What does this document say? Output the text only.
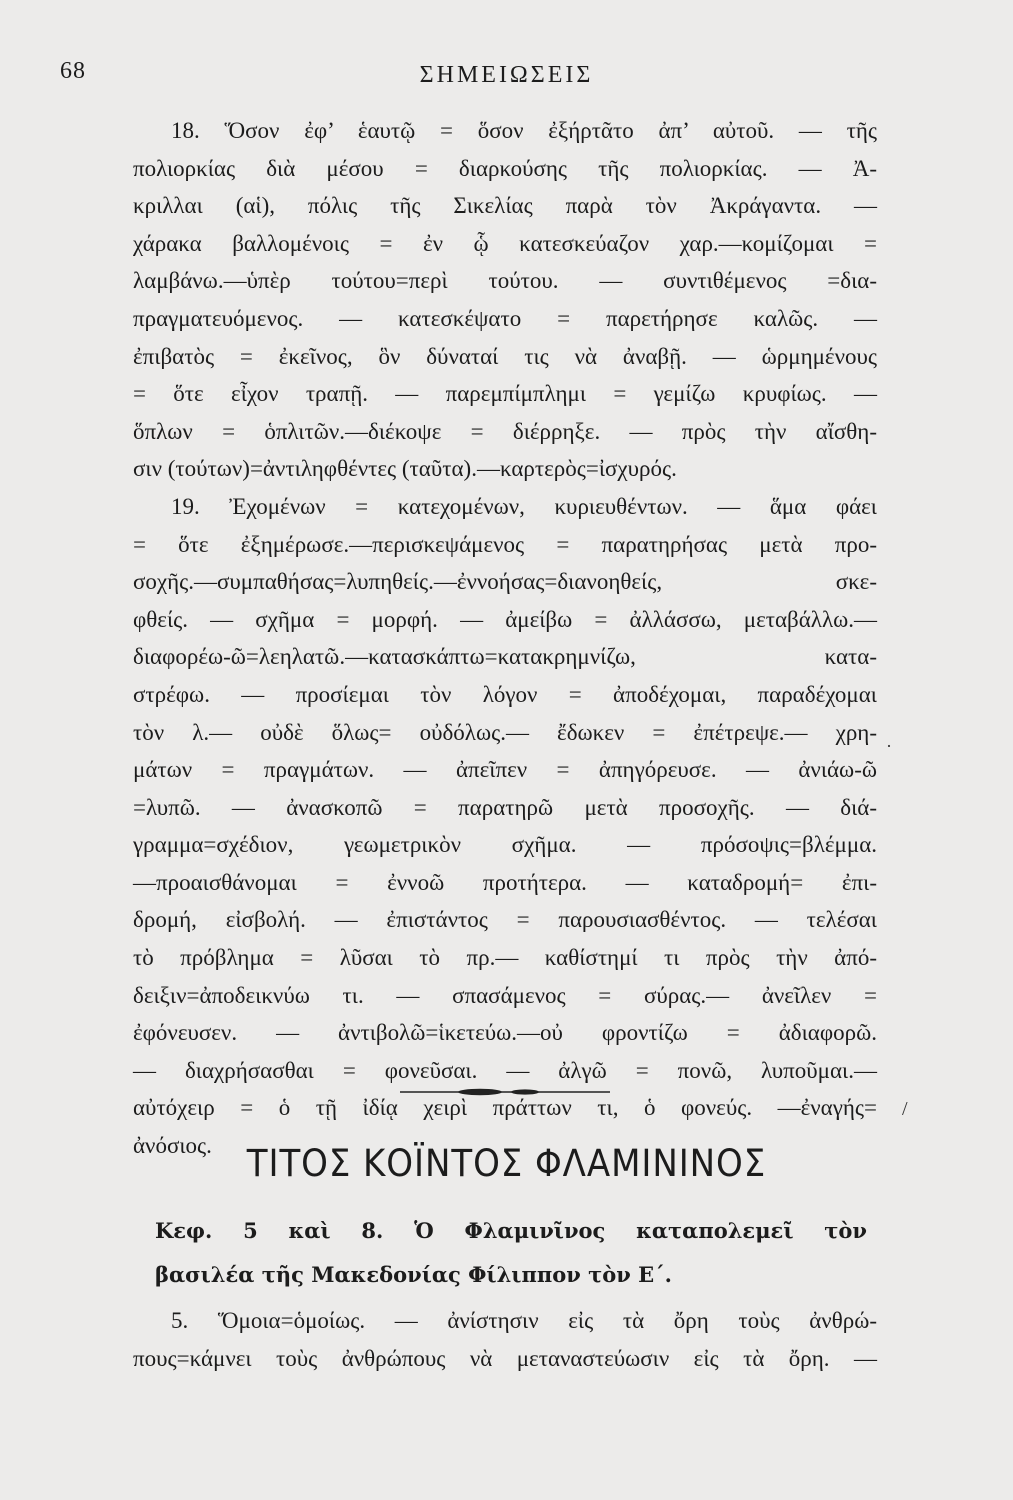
68	ΣΗΜΕΙΩΣΕΙΣ
18. Ὅσον ἐφ’ ἑαυτῷ = ὅσον ἐξήρτᾶτο ἀπ’ αὐτοῦ. — τῆς
πολιορκίας διὰ μέσου = διαρκούσης τῆς πολιορκίας. — Ἀ-
κριλλαι (αἱ), πόλις τῆς Σικελίας παρὰ τὸν Ἀκράγαντα. —
χάρακα βαλλομένοις = ἐν ᾧ κατεσκεύαζον χαρ.—κομίζομαι =
λαμβάνω.—ὑπὲρ τούτου=περὶ τούτου. — συντιθέμενος =δια-
πραγματευόμενος. — κατεσκέψατο = παρετήρησε καλῶς. —
ἐπιβατὸς = ἐκεῖνος, ὃν δύναταί τις νὰ ἀναβῇ. — ὡρμημένους
= ὅτε εἶχον τραπῇ. — παρεμπίμπλημι = γεμίζω κρυφίως. —
ὅπλων = ὁπλιτῶν.—διέκοψε = διέρρηξε. — πρὸς τὴν αἴσθη-
σιν (τούτων)=ἀντιληφθέντες (ταῦτα).—καρτερὸς=ἰσχυρός.
19. Ἐχομένων = κατεχομένων, κυριευθέντων. — ἅμα φάει
= ὅτε ἐξημέρωσε.—περισκεψάμενος = παρατηρήσας μετὰ προ-
σοχῆς.—συμπαθήσας=λυπηθείς.—ἐννοήσας=διανοηθείς, σκε-
φθείς. — σχῆμα = μορφή. — ἀμείβω = ἀλλάσσω, μεταβάλλω.—
διαφορέω-ῶ=λεηλατῶ.—κατασκάπτω=κατακρημνίζω, κατα-
στρέφω. — προσίεμαι τὸν λόγον = ἀποδέχομαι, παραδέχομαι
τὸν λ.— οὐδὲ ὅλως= οὐδόλως.— ἔδωκεν = ἐπέτρεψε.— χρη-
μάτων = πραγμάτων. — ἀπεῖπεν = ἀπηγόρευσε. — ἀνιάω-ῶ
=λυπῶ. — ἀνασκοπῶ = παρατηρῶ μετὰ προσοχῆς. — διά-
γραμμα=σχέδιον, γεωμετρικὸν σχῆμα. — πρόσοψις=βλέμμα.
—προαισθάνομαι = ἐννοῶ προτήτερα. — καταδρομή= ἐπι-
δρομή, εἰσβολή. — ἐπιστάντος = παρουσιασθέντος. — τελέσαι
τὸ πρόβλημα = λῦσαι τὸ πρ.— καθίστημί τι πρὸς τὴν ἀπό-
δειξιν=ἀποδεικνύω τι. — σπασάμενος = σύρας.— ἀνεῖλεν =
ἐφόνευσεν. — ἀντιβολῶ=ἱκετεύω.—οὐ φροντίζω = ἀδιαφορῶ.
— διαχρήσασθαι = φονεῦσαι. — ἀλγῶ = πονῶ, λυποῦμαι.—
αὐτόχειρ = ὁ τῇ ἰδίᾳ χειρὶ πράττων τι, ὁ φονεύς. —ἐναγής=
ἀνόσιος. ΤΙΤΟΣ ΚΟΪΝΤΟΣ ΦΛΑΜΙΝΙΝΟΣ
Κεφ. 5 καὶ 8. Ὁ Φλαμινῖνος καταπολεμεῖ τὸν
βασιλέα τῆς Μακεδονίας Φίλιππον τὸν Ε΄.
5. Ὅμοια=ὁμοίως. — ἀνίστησιν εἰς τὰ ὄρη τοὺς ἀνθρώ-
πους=κάμνει τοὺς ἀνθρώπους νὰ μεταναστεύωσιν εἰς τὰ ὄρη. —
·
/
